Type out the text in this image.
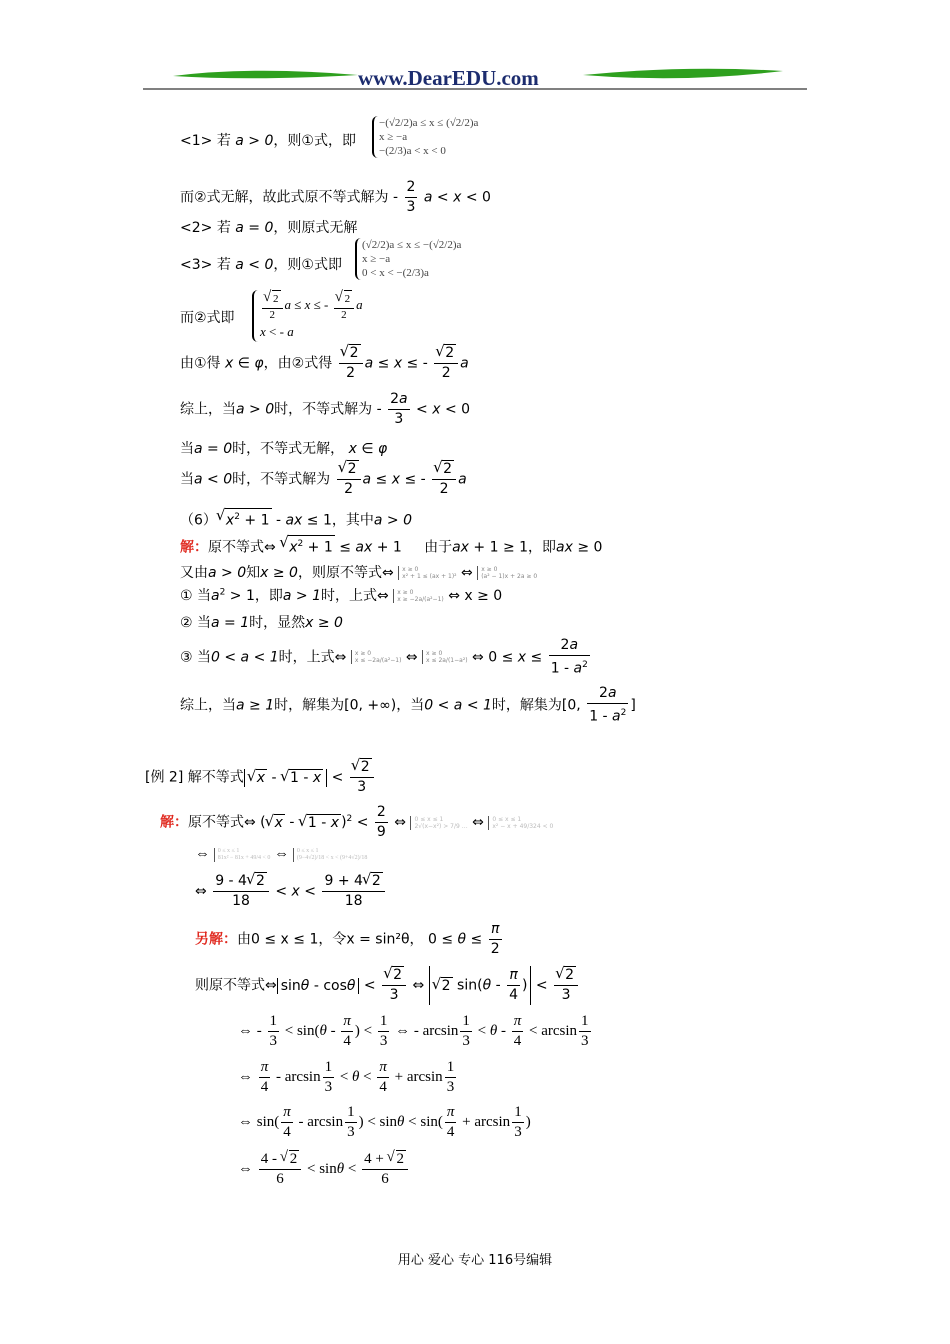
www.DearEDU.com
<1> 若 a > 0，则①式，即
−(√2/2)a ≤ x ≤ (√2/2)a
x ≥ −a
−(2/3)a < x < 0
而②式无解，故此式原不等式解为 - $\frac{2}{3}$ a < x < 0
<2> 若 a = 0，则原式无解
<3> 若 a < 0，则①式即
(√2/2)a ≤ x ≤ −(√2/2)a
x ≥ −a
0 < x < −(2/3)a
而②式即 √ $\frac{2}{2}$ a ≤ x ≤ - √ $\frac{2}{2}$ a
x < - a
由①得 x ∈ φ，由②式得 √ $\frac{2}{2}$ a ≤ x ≤ - √ $\frac{2}{2}$ a
综上，当a > 0时，不等式解为 - $\frac{2a}{3} < x < 0$
当a = 0时，不等式无解， x ∈ φ
当a < 0时，不等式解为 √ $\frac{2}{2}$ a ≤ x ≤ - √ $\frac{2}{2}$ a
（6） √ $x^2 + 1$ - ax ≤ 1，其中a > 0
解：原不等式⇔ √ $x^2 + 1$ ≤ ax + 1     由于ax + 1 ≥ 1，即ax ≥ 0
又由a > 0知x ≥ 0，则原不等式⇔ x ≥ 0
x² + 1 ≤ (ax + 1)² ⇔ x ≥ 0
(a² − 1)x + 2a ≥ 0
① 当$a^2 > 1$，即a > 1时，上式⇔ x ≥ 0
x ≥ −2a/(a²−1) ⇔ x ≥ 0
② 当a = 1时，显然x ≥ 0
③ 当0 < a < 1时，上式⇔ x ≥ 0
x ≤ −2a/(a²−1) ⇔ x ≥ 0
x ≤ 2a/(1−a²) ⇔ $0 \le x \le \frac{2a}{1 - a^2}$
综上，当a ≥ 1时，解集为[0, +∞)，当0 < a < 1时，解集为[0, $\frac{2a}{1 - a^2}$ ]
[例 2] 解不等式 √ x - √ 1 - x < √ $\frac{2}{3}$
解：原不等式⇔ ( √ x - √ 1 - x )$^2 < \frac{2}{9}$ ⇔ 0 ≤ x ≤ 1
2√(x−x²) > 7/9 … ⇔ 0 ≤ x ≤ 1
x² − x + 49/324 < 0
⇔ 0 ≤ x ≤ 1
81x² − 81x + 49/4 < 0 ⇔ 0 ≤ x ≤ 1
(9−4√2)/18 < x < (9+4√2)/18
⇔ $\frac{9 - 4 √ 2}{18} < x < \frac{9 + 4 √ 2}{18}$
另解：由0 ≤ x ≤ 1，令x = sin²θ， $0 \le \theta \le \frac{\pi}{2}$
则原不等式⇔ sinθ - cosθ < √ $\frac{2}{3}$ ⇔ √ 2 $\sin(\theta - \frac{\pi}{4}$ ) < √ $\frac{2}{3}$
⇔ - $\frac{1}{3} < \sin(\theta - \frac{\pi}{4}$ ) < $\frac{1}{3}$ ⇔ - $\arcsin \frac{1}{3} < \theta - \frac{\pi}{4} < \arcsin \frac{1}{3}$
⇔ $\frac{\pi}{4} - \arcsin \frac{1}{3} < \theta < \frac{\pi}{4} + \arcsin \frac{1}{3}$
⇔ $\sin( \frac{\pi}{4}$ - $\arcsin \frac{1}{3}$ ) < $\sin\theta < \sin( \frac{\pi}{4} + \arcsin \frac{1}{3}$ )
⇔ $\frac{4 - √ 2}{6} < \sin\theta < \frac{4 + √ 2}{6}$
用心 爱心 专心 116号编辑
